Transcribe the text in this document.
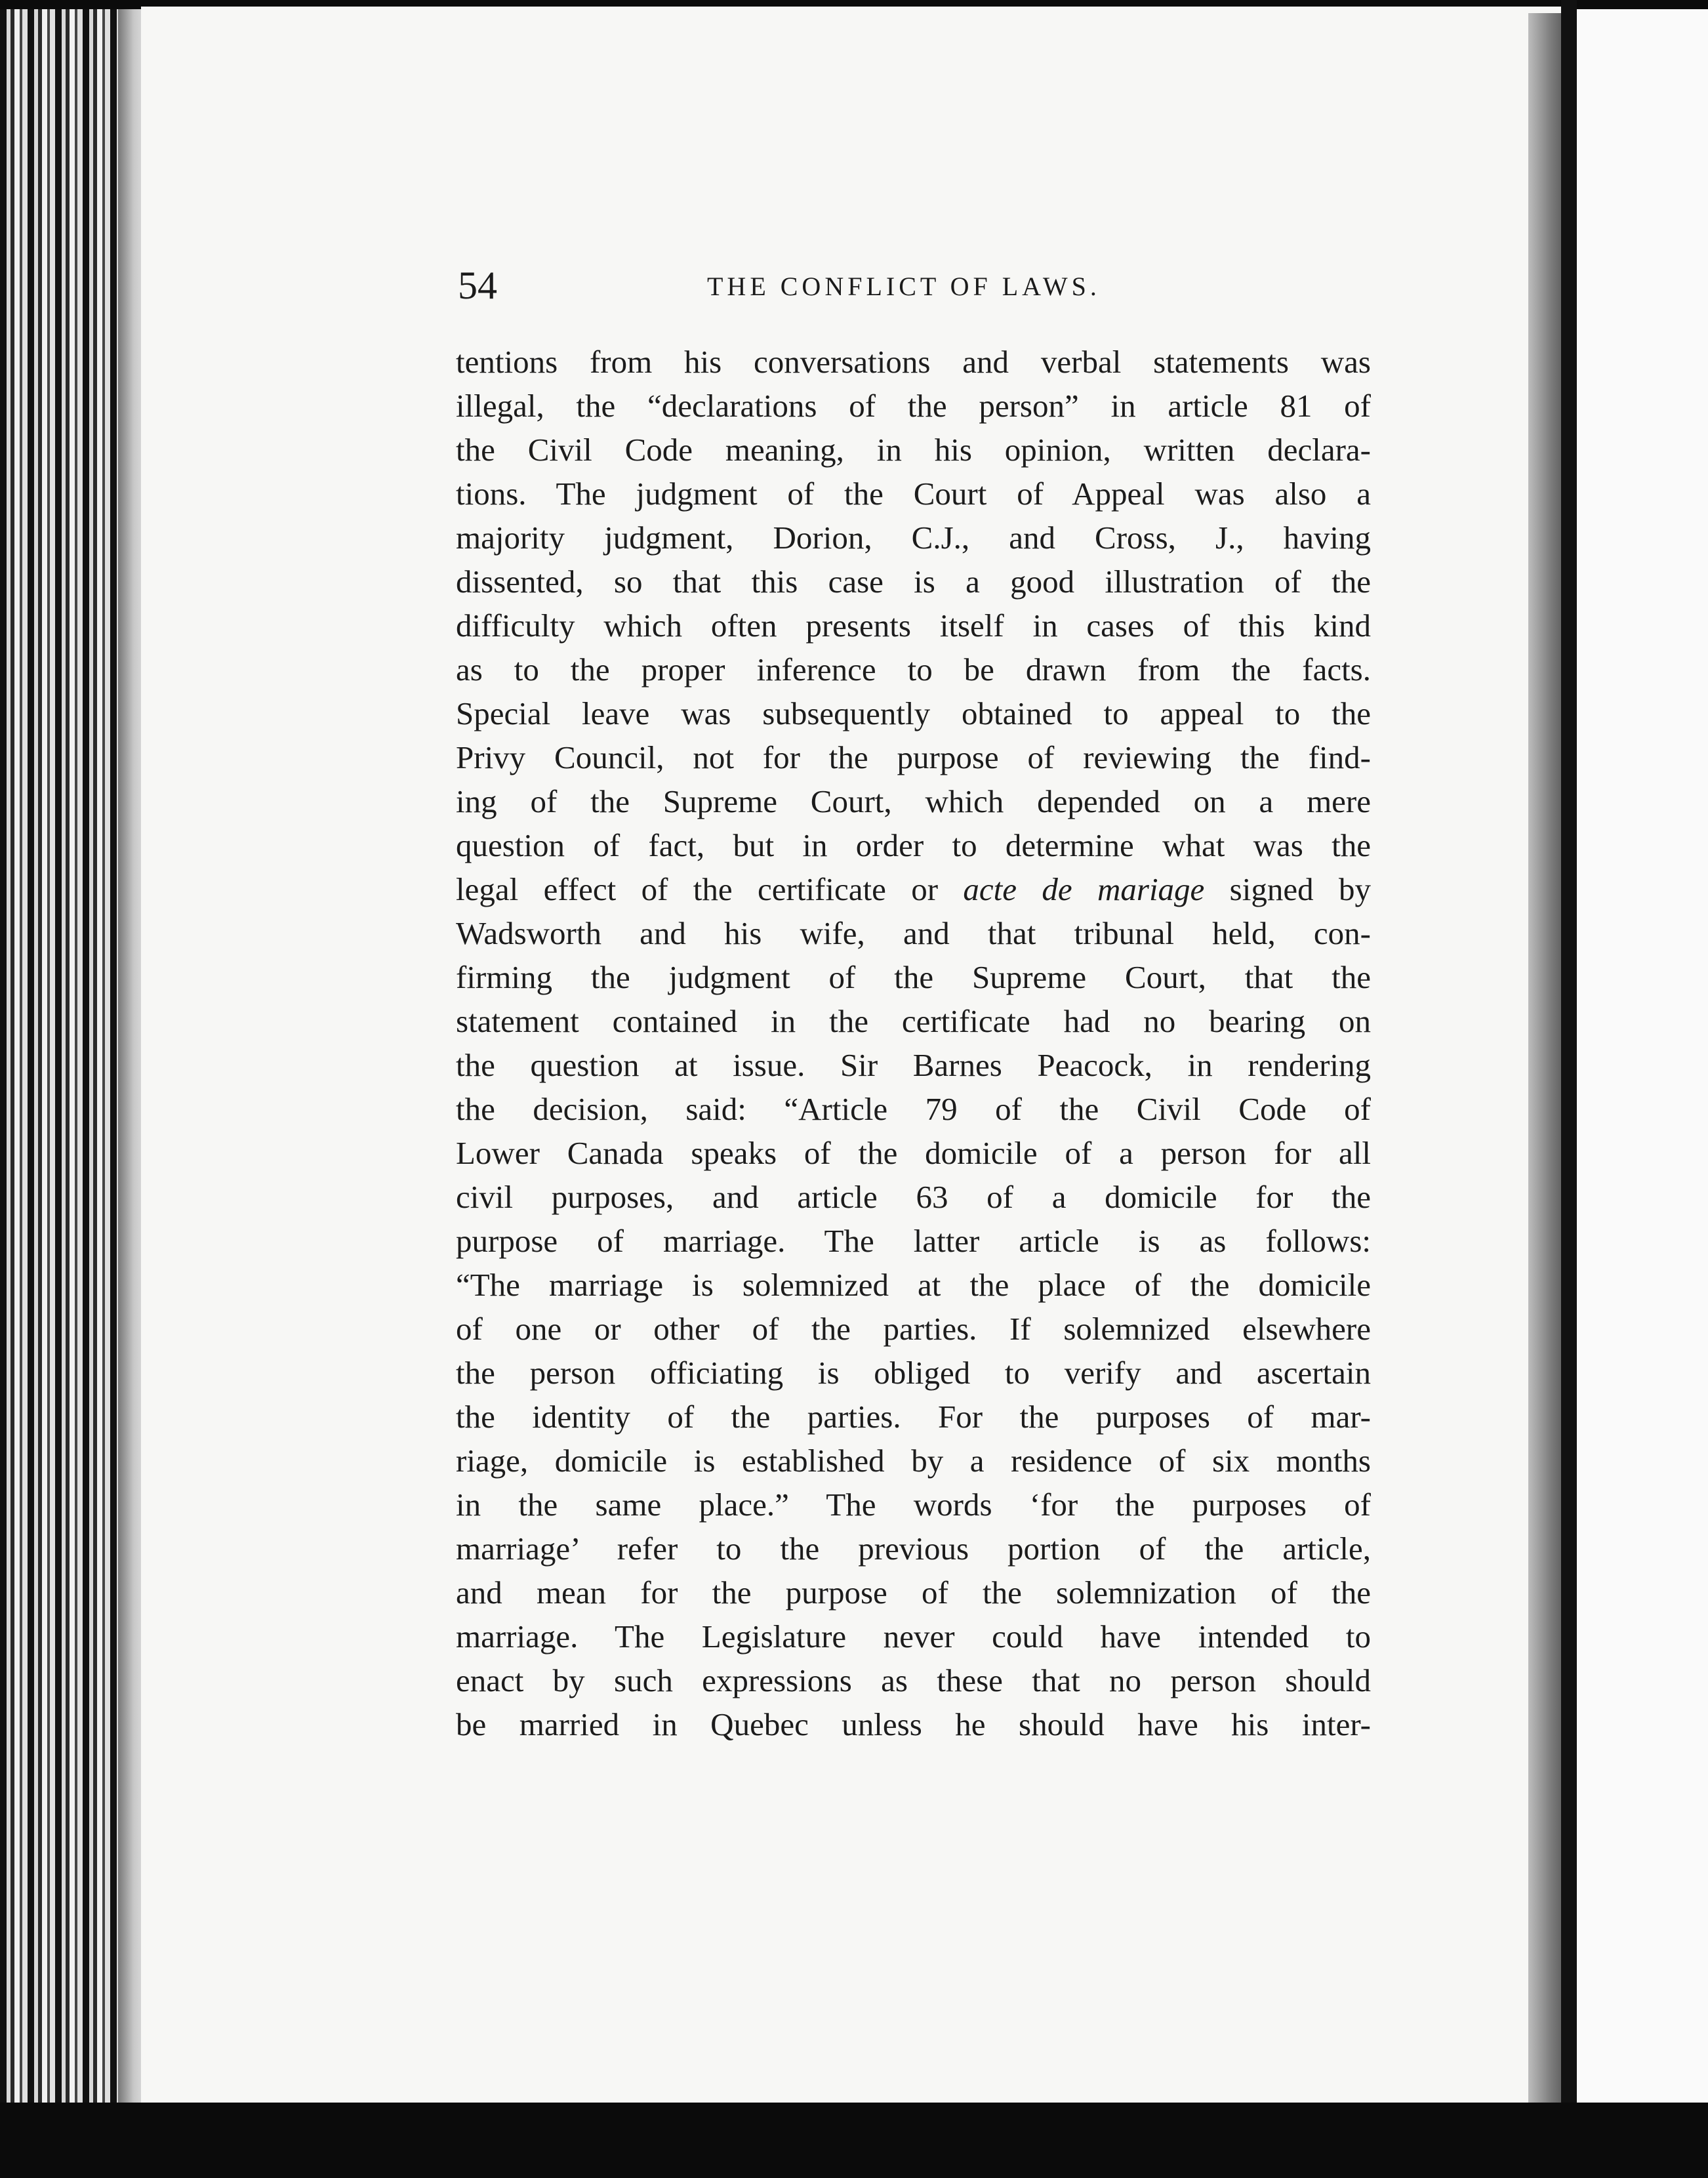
54	THE CONFLICT OF LAWS.
tentions from his conversations and verbal statements was
illegal, the “declarations of the person” in article 81 of
the Civil Code meaning, in his opinion, written declara-
tions. The judgment of the Court of Appeal was also a
majority judgment, Dorion, C.J., and Cross, J., having
dissented, so that this case is a good illustration of the
difficulty which often presents itself in cases of this kind
as to the proper inference to be drawn from the facts.
Special leave was subsequently obtained to appeal to the
Privy Council, not for the purpose of reviewing the find-
ing of the Supreme Court, which depended on a mere
question of fact, but in order to determine what was the
legal effect of the certificate or acte de mariage signed by
Wadsworth and his wife, and that tribunal held, con-
firming the judgment of the Supreme Court, that the
statement contained in the certificate had no bearing on
the question at issue. Sir Barnes Peacock, in rendering
the decision, said: “Article 79 of the Civil Code of
Lower Canada speaks of the domicile of a person for all
civil purposes, and article 63 of a domicile for the
purpose of marriage. The latter article is as follows:
“The marriage is solemnized at the place of the domicile
of one or other of the parties. If solemnized elsewhere
the person officiating is obliged to verify and ascertain
the identity of the parties. For the purposes of mar-
riage, domicile is established by a residence of six months
in the same place.” The words ‘for the purposes of
marriage’ refer to the previous portion of the article,
and mean for the purpose of the solemnization of the
marriage. The Legislature never could have intended to
enact by such expressions as these that no person should
be married in Quebec unless he should have his inter-
